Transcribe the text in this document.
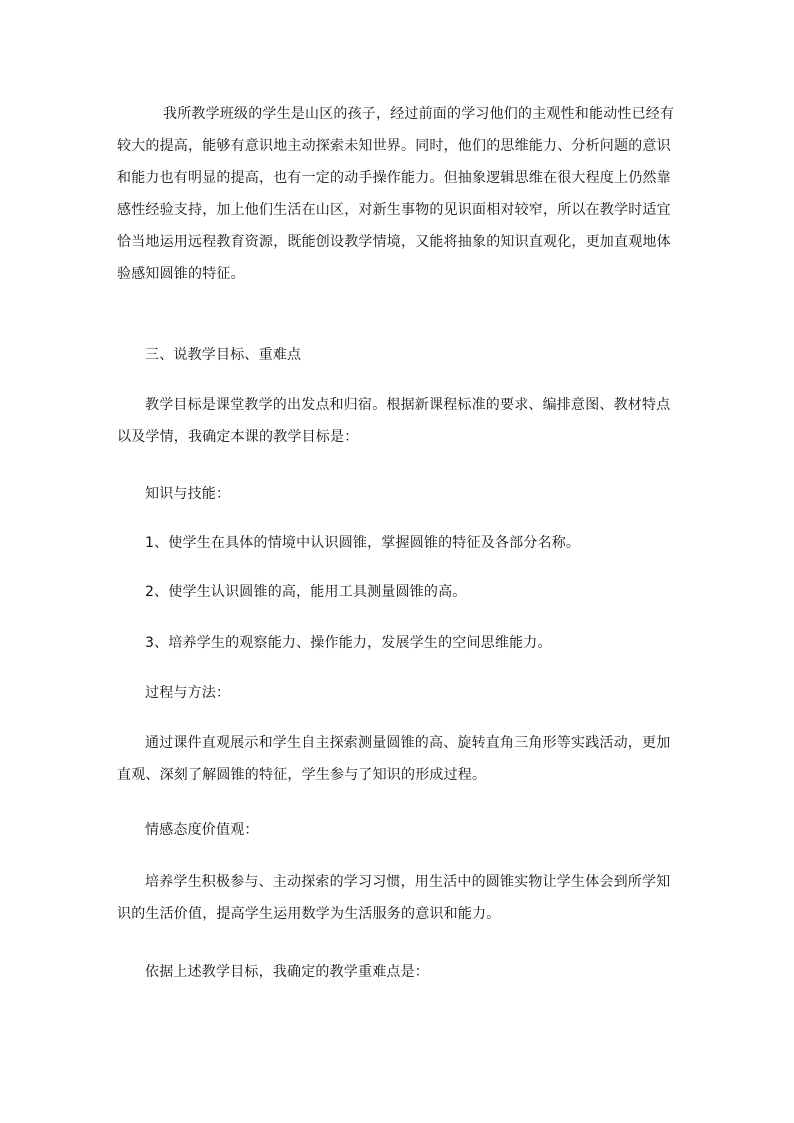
我所教学班级的学生是山区的孩子，经过前面的学习他们的主观性和能动性已经有较大的提高，能够有意识地主动探索未知世界。同时，他们的思维能力、分析问题的意识和能力也有明显的提高，也有一定的动手操作能力。但抽象逻辑思维在很大程度上仍然靠感性经验支持，加上他们生活在山区，对新生事物的见识面相对较窄，所以在教学时适宜恰当地运用远程教育资源，既能创设教学情境，又能将抽象的知识直观化，更加直观地体验感知圆锥的特征。

三、说教学目标、重难点

教学目标是课堂教学的出发点和归宿。根据新课程标准的要求、编排意图、教材特点以及学情，我确定本课的教学目标是：

知识与技能：

1、使学生在具体的情境中认识圆锥，掌握圆锥的特征及各部分名称。

2、使学生认识圆锥的高，能用工具测量圆锥的高。

3、培养学生的观察能力、操作能力，发展学生的空间思维能力。

过程与方法：

通过课件直观展示和学生自主探索测量圆锥的高、旋转直角三角形等实践活动，更加直观、深刻了解圆锥的特征，学生参与了知识的形成过程。

情感态度价值观：

培养学生积极参与、主动探索的学习习惯，用生活中的圆锥实物让学生体会到所学知识的生活价值，提高学生运用数学为生活服务的意识和能力。

依据上述教学目标，我确定的教学重难点是：
